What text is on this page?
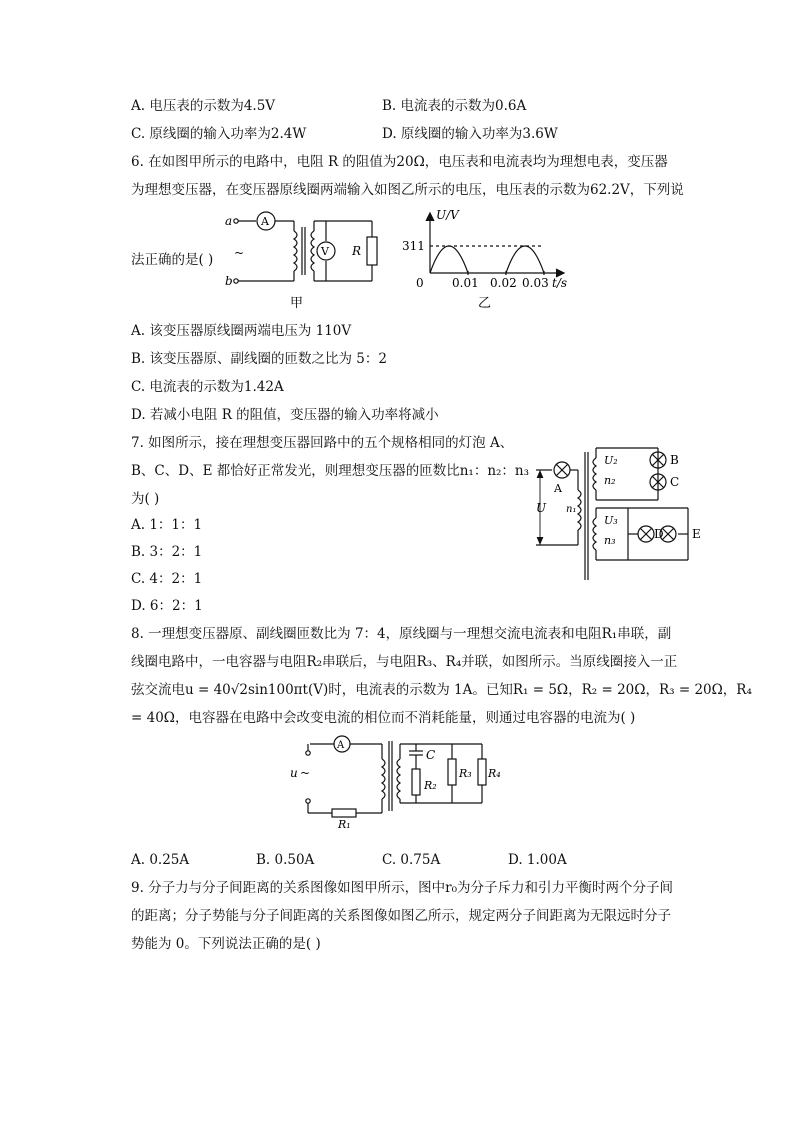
A. 电压表的示数为4.5V	B. 电流表的示数为0.6A
C. 原线圈的输入功率为2.4W	D. 原线圈的输入功率为3.6W
6. 在如图甲所示的电路中，电阻 R 的阻值为20Ω，电压表和电流表均为理想电表，变压器
为理想变压器，在变压器原线圈两端输入如图乙所示的电压，电压表的示数为62.2V，下列说
法正确的是( )
a
b
A
V R
~
甲
U/V
311
0 0.01 0.02 0.03 t/s
乙
A. 该变压器原线圈两端电压为 110V
B. 该变压器原、副线圈的匝数之比为 5：2
C. 电流表的示数为1.42A
D. 若减小电阻 R 的阻值，变压器的输入功率将减小
7. 如图所示，接在理想变压器回路中的五个规格相同的灯泡 A、
B、C、D、E 都恰好正常发光，则理想变压器的匝数比n₁：n₂：n₃
为( )
A. 1：1：1
B. 3：2：1
C. 4：2：1
D. 6：2：1
A
n₁
U
U₂
n₂
U₃
n₃
B
C
D E
8. 一理想变压器原、副线圈匝数比为 7：4，原线圈与一理想交流电流表和电阻R₁串联，副
线圈电路中，一电容器与电阻R₂串联后，与电阻R₃、R₄并联，如图所示。当原线圈接入一正
弦交流电u = 40√2sin100πt(V)时，电流表的示数为 1A。已知R₁ = 5Ω，R₂ = 20Ω，R₃ = 20Ω，R₄
= 40Ω，电容器在电路中会改变电流的相位而不消耗能量，则通过电容器的电流为( )
u ~
A
C
R₂
R₃ R₄
R₁
A. 0.25A	B. 0.50A	C. 0.75A	D. 1.00A
9. 分子力与分子间距离的关系图像如图甲所示，图中r₀为分子斥力和引力平衡时两个分子间
的距离；分子势能与分子间距离的关系图像如图乙所示，规定两分子间距离为无限远时分子
势能为 0。下列说法正确的是( )
